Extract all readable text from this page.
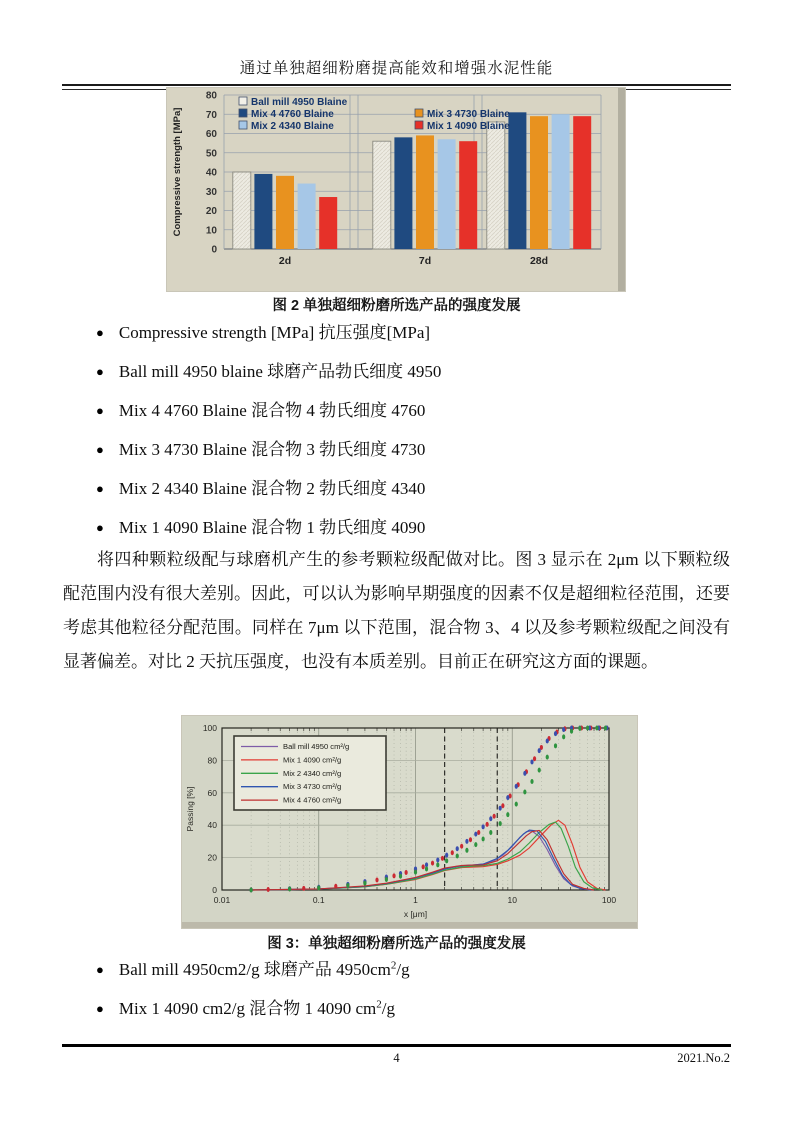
通过单独超细粉磨提高能效和增强水泥性能
0
10
20
30
40
50
60
70
80
2d	7d	28d
Compressive strength [MPa]
Ball mill 4950 Blaine
Mix 4 4760 Blaine	Mix 3 4730 Blaine
Mix 2 4340 Blaine	Mix 1 4090 Blaine
图 2 单独超细粉磨所选产品的强度发展
● Compressive strength [MPa] 抗压强度[MPa]
● Ball mill 4950 blaine 球磨产品勃氏细度 4950
● Mix 4 4760 Blaine 混合物 4 勃氏细度 4760
● Mix 3 4730 Blaine 混合物 3 勃氏细度 4730
● Mix 2 4340 Blaine 混合物 2 勃氏细度 4340
● Mix 1 4090 Blaine 混合物 1 勃氏细度 4090
将四种颗粒级配与球磨机产生的参考颗粒级配做对比。图 3 显示在 2μm 以下颗粒级配范围内没有很大差别。因此，可以认为影响早期强度的因素不仅是超细粒径范围，还要考虑其他粒径分配范围。同样在 7μm 以下范围，混合物 3、4 以及参考颗粒级配之间没有显著偏差。对比 2 天抗压强度，也没有本质差别。目前正在研究这方面的课题。
0
20
40
60
80
100
0.01	0.1	1	10	100
x [μm]
Passing [%]
Ball mill 4950 cm²/g
Mix 1 4090 cm²/g
Mix 2 4340 cm²/g
Mix 3 4730 cm²/g
Mix 4 4760 cm²/g
图 3：单独超细粉磨所选产品的强度发展
● Ball mill 4950cm2/g 球磨产品 $4950cm^2/g$
● Mix 1 4090 cm2/g 混合物 1 4090 $cm^2/g$
4	2021.No.2
